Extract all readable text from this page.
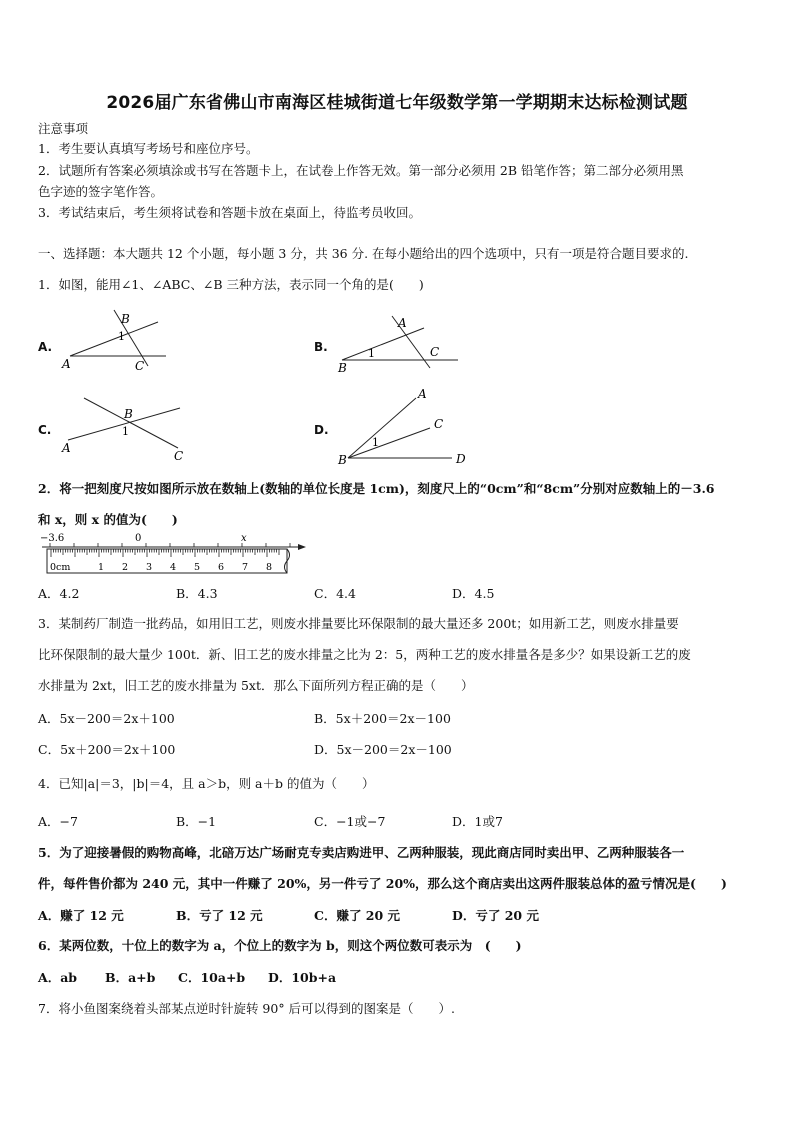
2026届广东省佛山市南海区桂城街道七年级数学第一学期期末达标检测试题
注意事项
1．考生要认真填写考场号和座位序号。
2．试题所有答案必须填涂或书写在答题卡上，在试卷上作答无效。第一部分必须用 2B 铅笔作答；第二部分必须用黑
色字迹的签字笔作答。
3．考试结束后，考生须将试卷和答题卡放在桌面上，待监考员收回。
一、选择题：本大题共 12 个小题，每小题 3 分，共 36 分. 在每小题给出的四个选项中，只有一项是符合题目要求的.
1．如图，能用∠1、∠ABC、∠B 三种方法，表示同一个角的是(　　)
A.
A
B
1
C
B.
B
A
1	C
C.
A
B
1
C
D.
B
A
C
1
D
2．将一把刻度尺按如图所示放在数轴上(数轴的单位长度是 1cm)，刻度尺上的“0cm”和“8cm”分别对应数轴上的－3.6
和 x，则 x 的值为(　　)
−3.6	0	x
0cm	1 2 3 4 5 6 7 8
A．4.2	B．4.3	C．4.4	D．4.5
3．某制药厂制造一批药品，如用旧工艺，则废水排量要比环保限制的最大量还多 200t；如用新工艺，则废水排量要
比环保限制的最大量少 100t．新、旧工艺的废水排量之比为 2：5，两种工艺的废水排量各是多少？如果设新工艺的废
水排量为 2xt，旧工艺的废水排量为 5xt．那么下面所列方程正确的是（　　）
A．5x－200＝2x＋100	B．5x＋200＝2x－100
C．5x＋200＝2x＋100	D．5x－200＝2x－100
4．已知|a|＝3，|b|＝4，且 a＞b，则 a＋b 的值为（　　）
A．−7	B．−1	C．−1或−7	D．1或7
5．为了迎接暑假的购物高峰，北碚万达广场耐克专卖店购进甲、乙两种服装，现此商店同时卖出甲、乙两种服装各一
件，每件售价都为 240 元，其中一件赚了 20%，另一件亏了 20%，那么这个商店卖出这两件服装总体的盈亏情况是(　　)
A．赚了 12 元	B．亏了 12 元	C．赚了 20 元	D．亏了 20 元
6．某两位数，十位上的数字为 a，个位上的数字为 b，则这个两位数可表示为　(　　)
A．ab B．a+b C．10a+b D．10b+a
7．将小鱼图案绕着头部某点逆时针旋转 90° 后可以得到的图案是（　　）.
